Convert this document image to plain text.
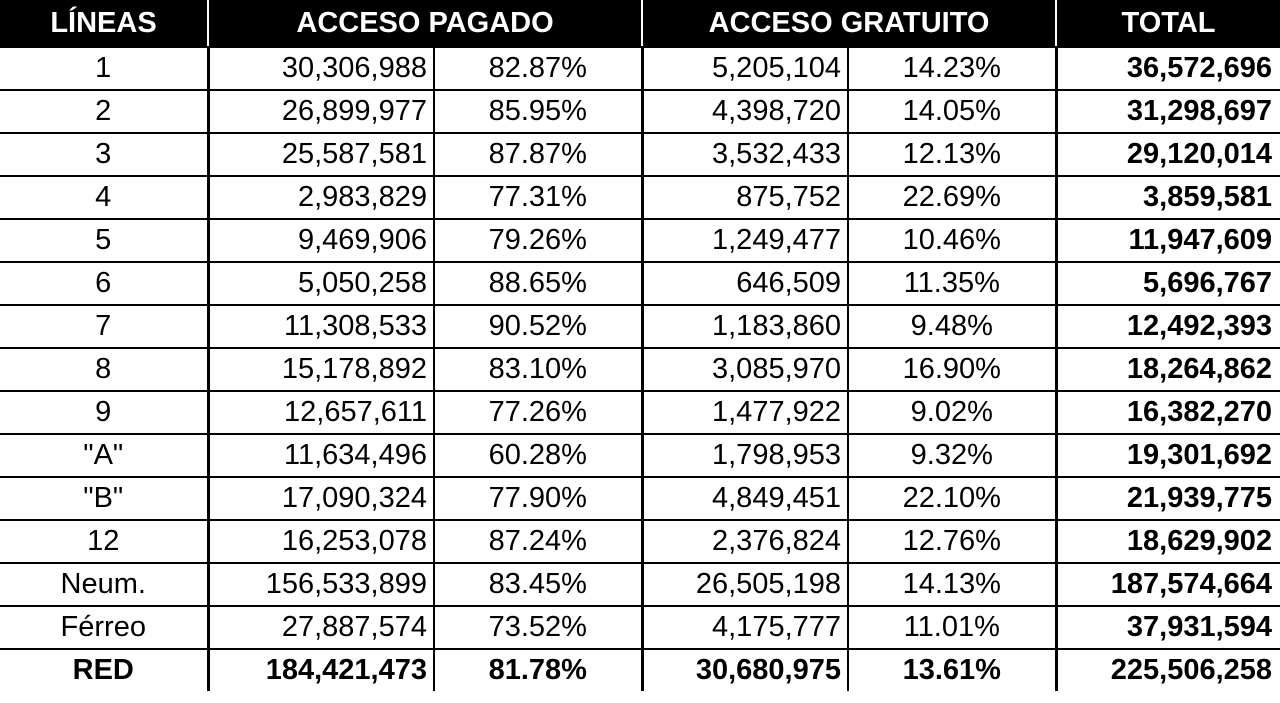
LÍNEAS	ACCESO PAGADO		ACCESO GRATUITO		TOTAL
1	30,306,988	82.87%	5,205,104	14.23%	36,572,696
2	26,899,977	85.95%	4,398,720	14.05%	31,298,697
3	25,587,581	87.87%	3,532,433	12.13%	29,120,014
4	2,983,829	77.31%	875,752	22.69%	3,859,581
5	9,469,906	79.26%	1,249,477	10.46%	11,947,609
6	5,050,258	88.65%	646,509	11.35%	5,696,767
7	11,308,533	90.52%	1,183,860	9.48%	12,492,393
8	15,178,892	83.10%	3,085,970	16.90%	18,264,862
9	12,657,611	77.26%	1,477,922	9.02%	16,382,270
"A"	11,634,496	60.28%	1,798,953	9.32%	19,301,692
"B"	17,090,324	77.90%	4,849,451	22.10%	21,939,775
12	16,253,078	87.24%	2,376,824	12.76%	18,629,902
Neum.	156,533,899	83.45%	26,505,198	14.13%	187,574,664
Férreo	27,887,574	73.52%	4,175,777	11.01%	37,931,594
RED	184,421,473	81.78%	30,680,975	13.61%	225,506,258
